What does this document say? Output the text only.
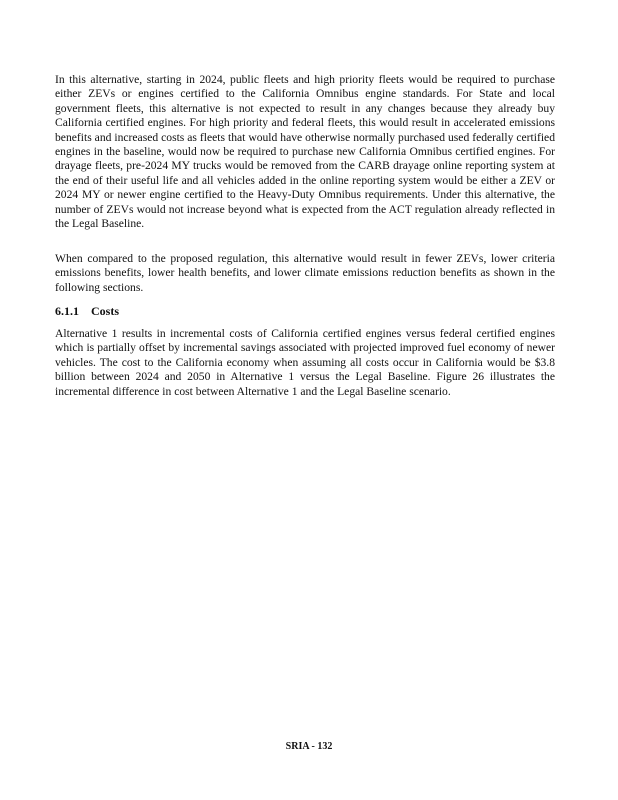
In this alternative, starting in 2024, public fleets and high priority fleets would be required to purchase either ZEVs or engines certified to the California Omnibus engine standards. For State and local government fleets, this alternative is not expected to result in any changes because they already buy California certified engines. For high priority and federal fleets, this would result in accelerated emissions benefits and increased costs as fleets that would have otherwise normally purchased used federally certified engines in the baseline, would now be required to purchase new California Omnibus certified engines. For drayage fleets, pre-2024 MY trucks would be removed from the CARB drayage online reporting system at the end of their useful life and all vehicles added in the online reporting system would be either a ZEV or 2024 MY or newer engine certified to the Heavy-Duty Omnibus requirements. Under this alternative, the number of ZEVs would not increase beyond what is expected from the ACT regulation already reflected in the Legal Baseline.

When compared to the proposed regulation, this alternative would result in fewer ZEVs, lower criteria emissions benefits, lower health benefits, and lower climate emissions reduction benefits as shown in the following sections.

6.1.1 Costs

Alternative 1 results in incremental costs of California certified engines versus federal certified engines which is partially offset by incremental savings associated with projected improved fuel economy of newer vehicles. The cost to the California economy when assuming all costs occur in California would be $3.8 billion between 2024 and 2050 in Alternative 1 versus the Legal Baseline. Figure 26 illustrates the incremental difference in cost between Alternative 1 and the Legal Baseline scenario.

SRIA - 132
